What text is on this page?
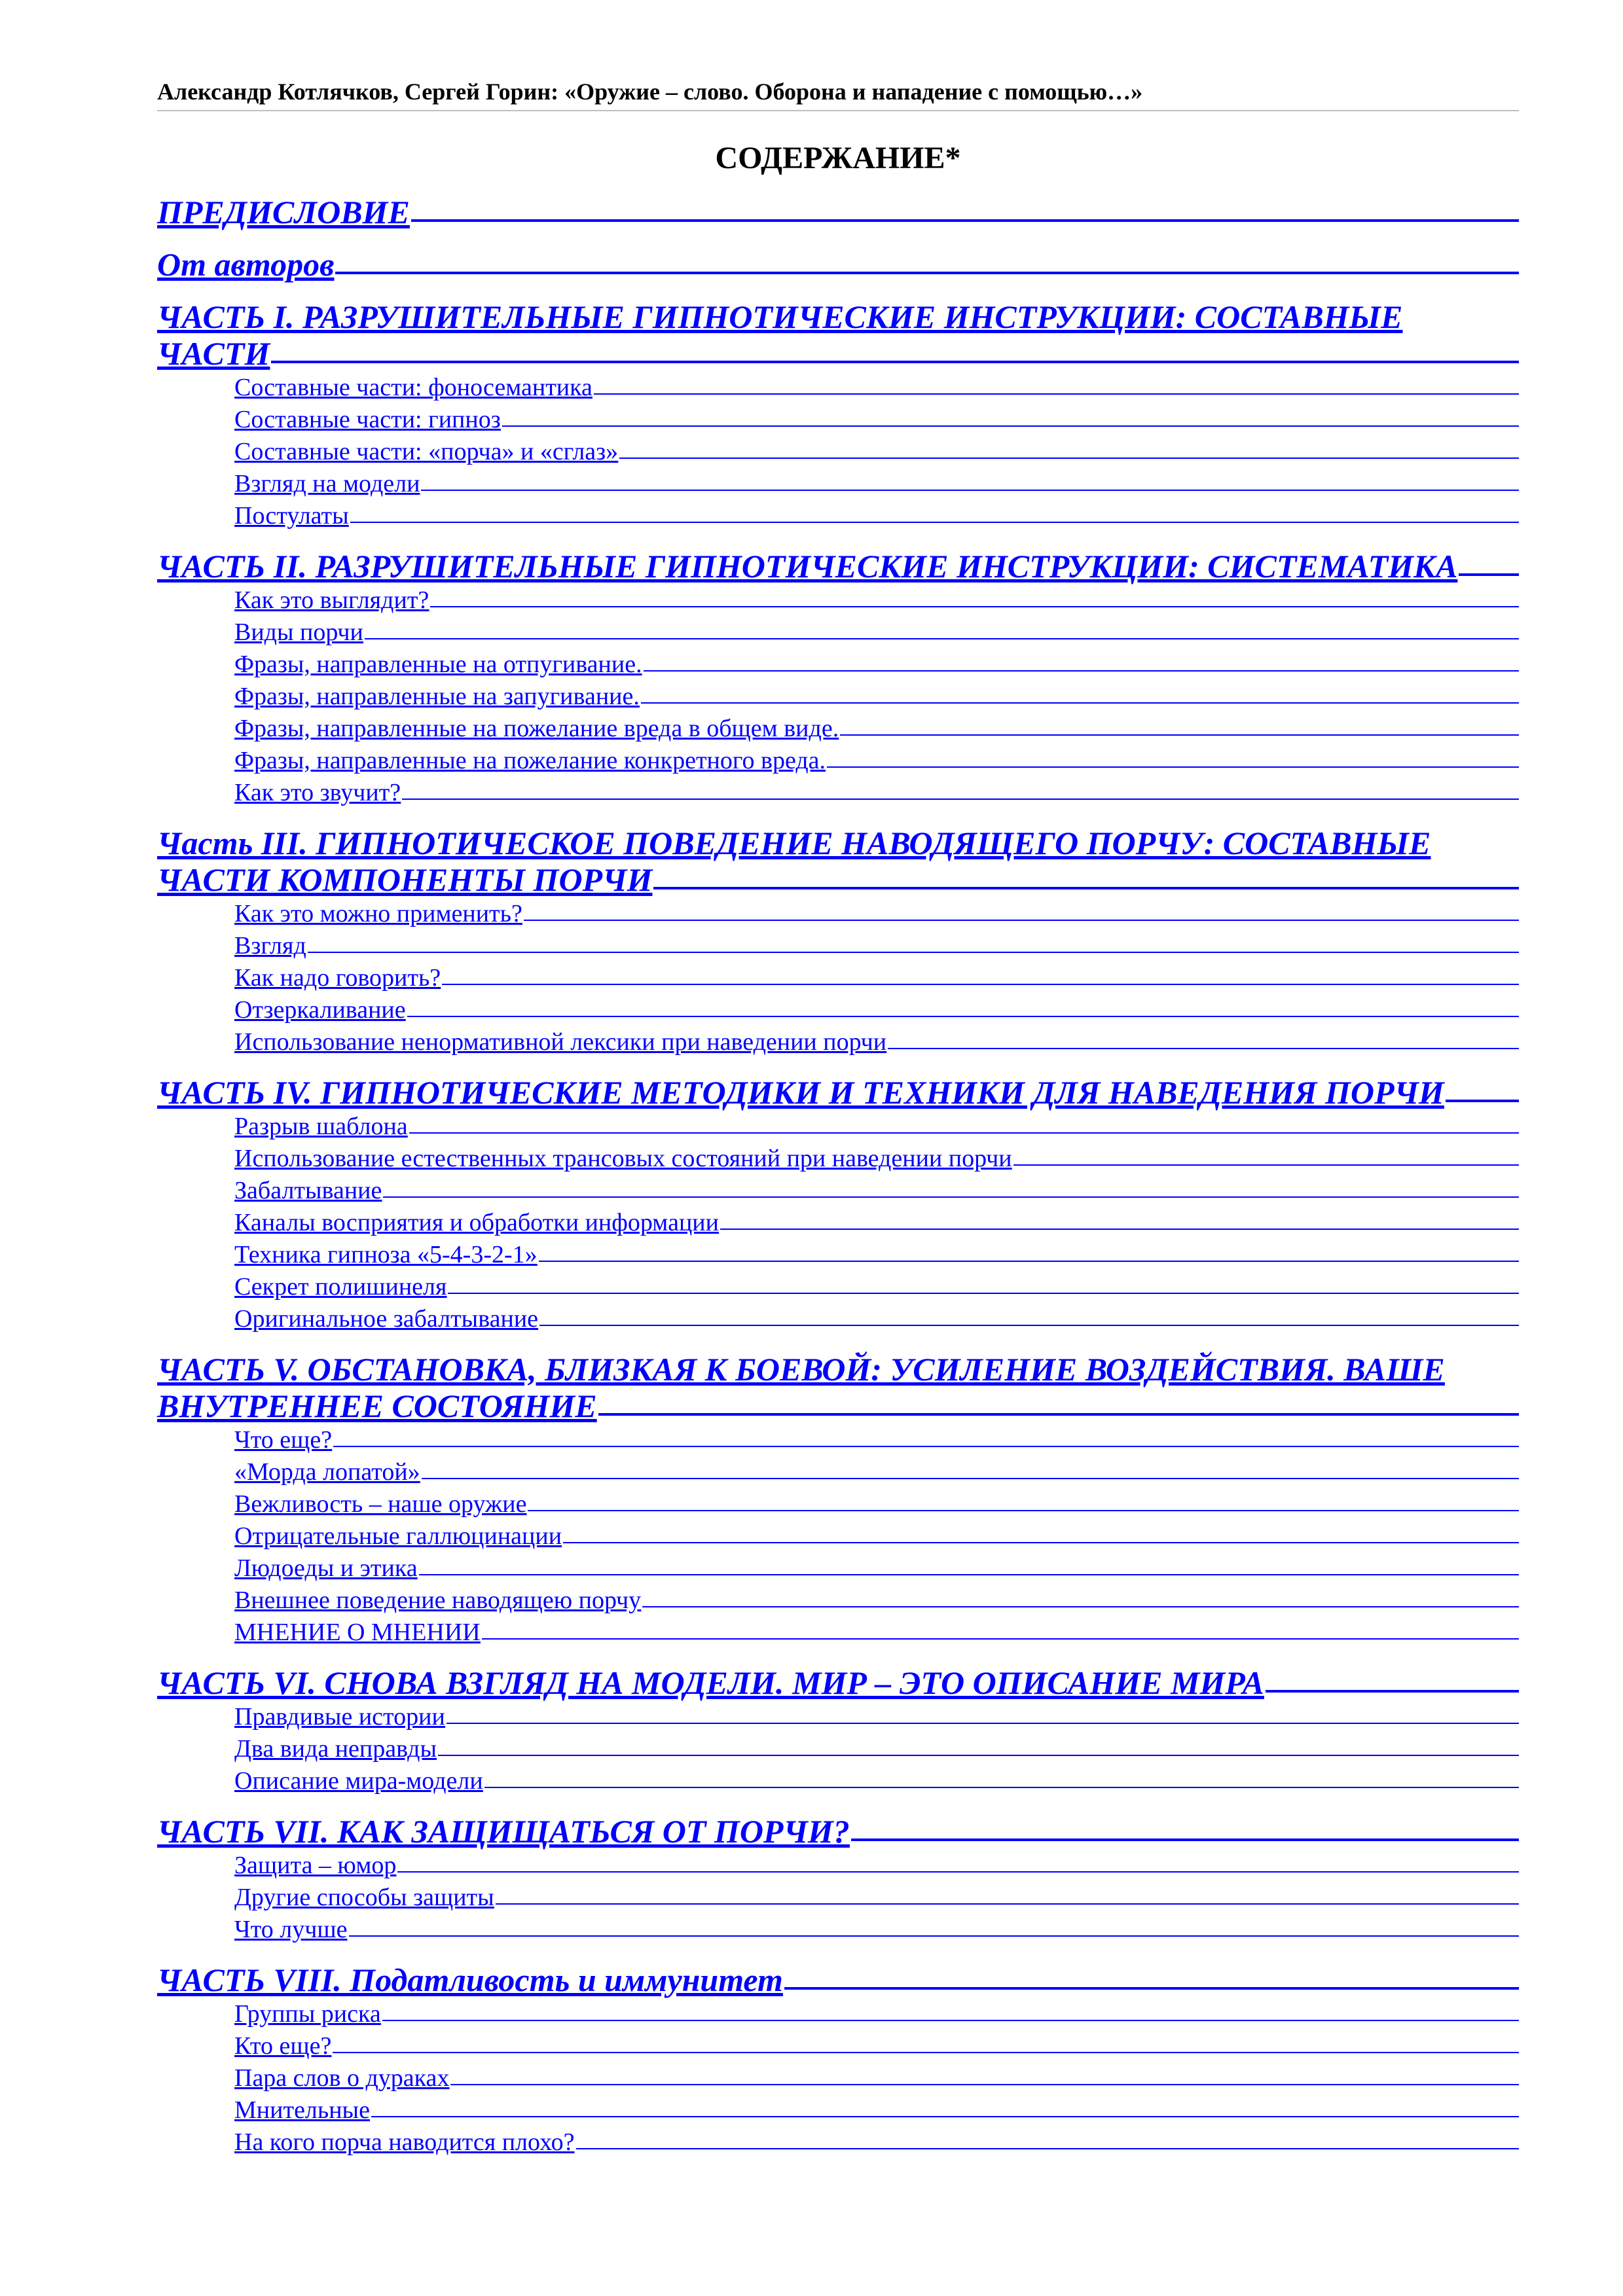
Александр Котлячков, Сергей Горин: «Оружие – слово. Оборона и нападение с помощью…»
СОДЕРЖАНИЕ*
ПРЕДИСЛОВИЕ
От авторов
ЧАСТЬ I. РАЗРУШИТЕЛЬНЫЕ ГИПНОТИЧЕСКИЕ ИНСТРУКЦИИ: СОСТАВНЫЕ
ЧАСТИ
Составные части: фоносемантика
Составные части: гипноз
Составные части: «порча» и «сглаз»
Взгляд на модели
Постулаты
ЧАСТЬ II. РАЗРУШИТЕЛЬНЫЕ ГИПНОТИЧЕСКИЕ ИНСТРУКЦИИ: СИСТЕМАТИКА
Как это выглядит?
Виды порчи
Фразы, направленные на отпугивание.
Фразы, направленные на запугивание.
Фразы, направленные на пожелание вреда в общем виде.
Фразы, направленные на пожелание конкретного вреда.
Как это звучит?
Часть III. ГИПНОТИЧЕСКОЕ ПОВЕДЕНИЕ НАВОДЯЩЕГО ПОРЧУ: СОСТАВНЫЕ
ЧАСТИ КОМПОНЕНТЫ ПОРЧИ
Как это можно применить?
Взгляд
Как надо говорить?
Отзеркаливание
Использование ненормативной лексики при наведении порчи
ЧАСТЬ IV. ГИПНОТИЧЕСКИЕ МЕТОДИКИ И ТЕХНИКИ ДЛЯ НАВЕДЕНИЯ ПОРЧИ
Разрыв шаблона
Использование естественных трансовых состояний при наведении порчи
Забалтывание
Каналы восприятия и обработки информации
Техника гипноза «5-4-3-2-1»
Секрет полишинеля
Оригинальное забалтывание
ЧАСТЬ V. ОБСТАНОВКА, БЛИЗКАЯ К БОЕВОЙ: УСИЛЕНИЕ ВОЗДЕЙСТВИЯ. ВАШЕ
ВНУТРЕННЕЕ СОСТОЯНИЕ
Что еще?
«Морда лопатой»
Вежливость – наше оружие
Отрицательные галлюцинации
Людоеды и этика
Внешнее поведение наводящею порчу
МНЕНИЕ О МНЕНИИ
ЧАСТЬ VI. СНОВА ВЗГЛЯД НА МОДЕЛИ. МИР – ЭТО ОПИСАНИЕ МИРА
Правдивые истории
Два вида неправды
Описание мира-модели
ЧАСТЬ VII. КАК ЗАЩИЩАТЬСЯ ОТ ПОРЧИ?
Защита – юмор
Другие способы защиты
Что лучше
ЧАСТЬ VIII. Податливость и иммунитет
Группы риска
Кто еще?
Пара слов о дураках
Мнительные
На кого порча наводится плохо?
